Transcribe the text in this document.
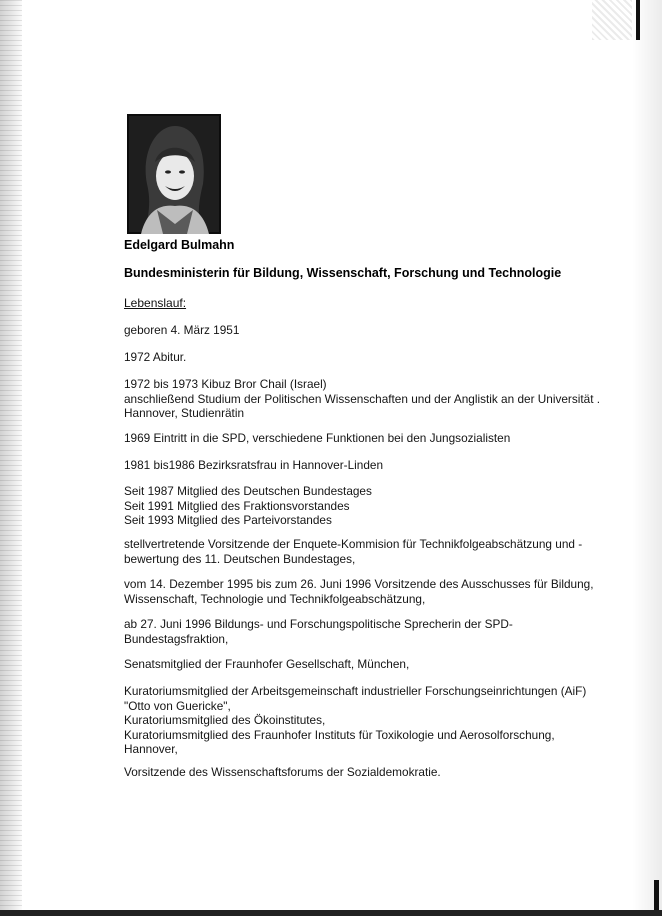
Edelgard Bulmahn
Bundesministerin für Bildung, Wissenschaft, Forschung und Technologie
Lebenslauf:
geboren 4. März 1951
1972 Abitur.
1972 bis 1973 Kibuz Bror Chail (Israel)
anschließend Studium der Politischen Wissenschaften und der Anglistik an der Universität .
Hannover, Studienrätin
1969 Eintritt in die SPD, verschiedene Funktionen bei den Jungsozialisten
1981 bis1986 Bezirksratsfrau in Hannover-Linden
Seit 1987 Mitglied des Deutschen Bundestages
Seit 1991 Mitglied des Fraktionsvorstandes
Seit 1993 Mitglied des Parteivorstandes
stellvertretende Vorsitzende der Enquete-Kommision für Technikfolgeabschätzung und -
bewertung des 11. Deutschen Bundestages,
vom 14. Dezember 1995 bis zum 26. Juni 1996 Vorsitzende des Ausschusses für Bildung,
Wissenschaft, Technologie und Technikfolgeabschätzung,
ab 27. Juni 1996 Bildungs- und Forschungspolitische Sprecherin der SPD-
Bundestagsfraktion,
Senatsmitglied der Fraunhofer Gesellschaft, München,
Kuratoriumsmitglied der Arbeitsgemeinschaft industrieller Forschungseinrichtungen (AiF)
"Otto von Guericke",
Kuratoriumsmitglied des Ökoinstitutes,
Kuratoriumsmitglied des Fraunhofer Instituts für Toxikologie und Aerosolforschung,
Hannover,
Vorsitzende des Wissenschaftsforums der Sozialdemokratie.
